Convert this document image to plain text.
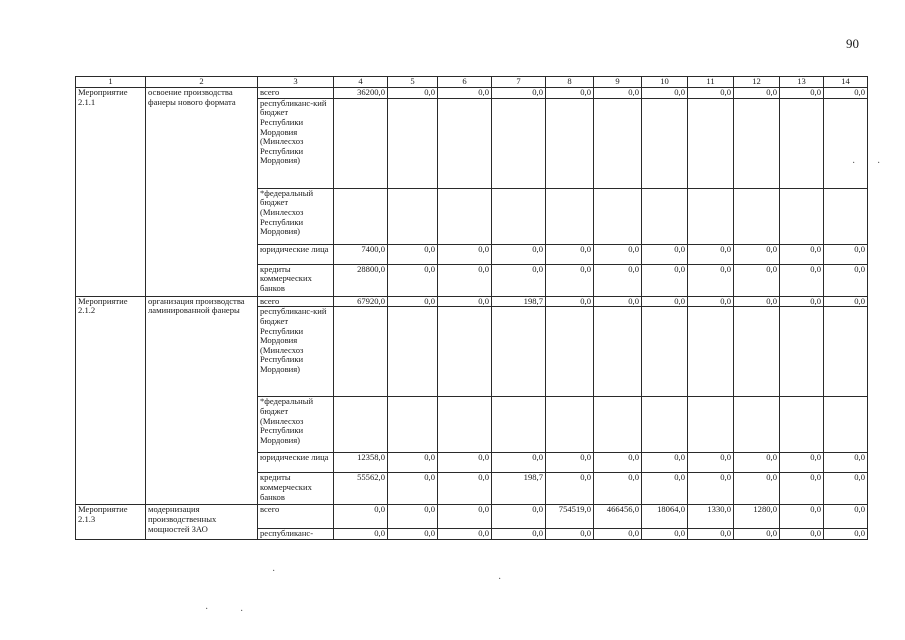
90
1	2	3	4	5	6	7	8	9	10	11	12	13	14
Мероприятие 2.1.1	освоение производства фанеры нового формата	всего	36200,0	0,0	0,0	0,0	0,0	0,0	0,0	0,0	0,0	0,0	0,0
		республиканс-кий бюджет Республики Мордовия (Минлесхоз Республики Мордовия)											
		*федеральный бюджет (Минлесхоз Республики Мордовия)											
		юридические лица	7400,0	0,0	0,0	0,0	0,0	0,0	0,0	0,0	0,0	0,0	0,0
		кредиты коммерческих банков	28800,0	0,0	0,0	0,0	0,0	0,0	0,0	0,0	0,0	0,0	0,0
Мероприятие 2.1.2	организация производства ламинированной фанеры	всего	67920,0	0,0	0,0	198,7	0,0	0,0	0,0	0,0	0,0	0,0	0,0
		республиканс-кий бюджет Республики Мордовия (Минлесхоз Республики Мордовия)											
		*федеральный бюджет (Минлесхоз Республики Мордовия)											
		юридические лица	12358,0	0,0	0,0	0,0	0,0	0,0	0,0	0,0	0,0	0,0	0,0
		кредиты коммерческих банков	55562,0	0,0	0,0	198,7	0,0	0,0	0,0	0,0	0,0	0,0	0,0
Мероприятие 2.1.3	модернизация производственных мощностей ЗАО	всего	0,0	0,0	0,0	0,0	754519,0	466456,0	18064,0	1330,0	1280,0	0,0	0,0
		республиканс-	0,0	0,0	0,0	0,0	0,0	0,0	0,0	0,0	0,0	0,0	0,0
·
·
·	·
· ·
